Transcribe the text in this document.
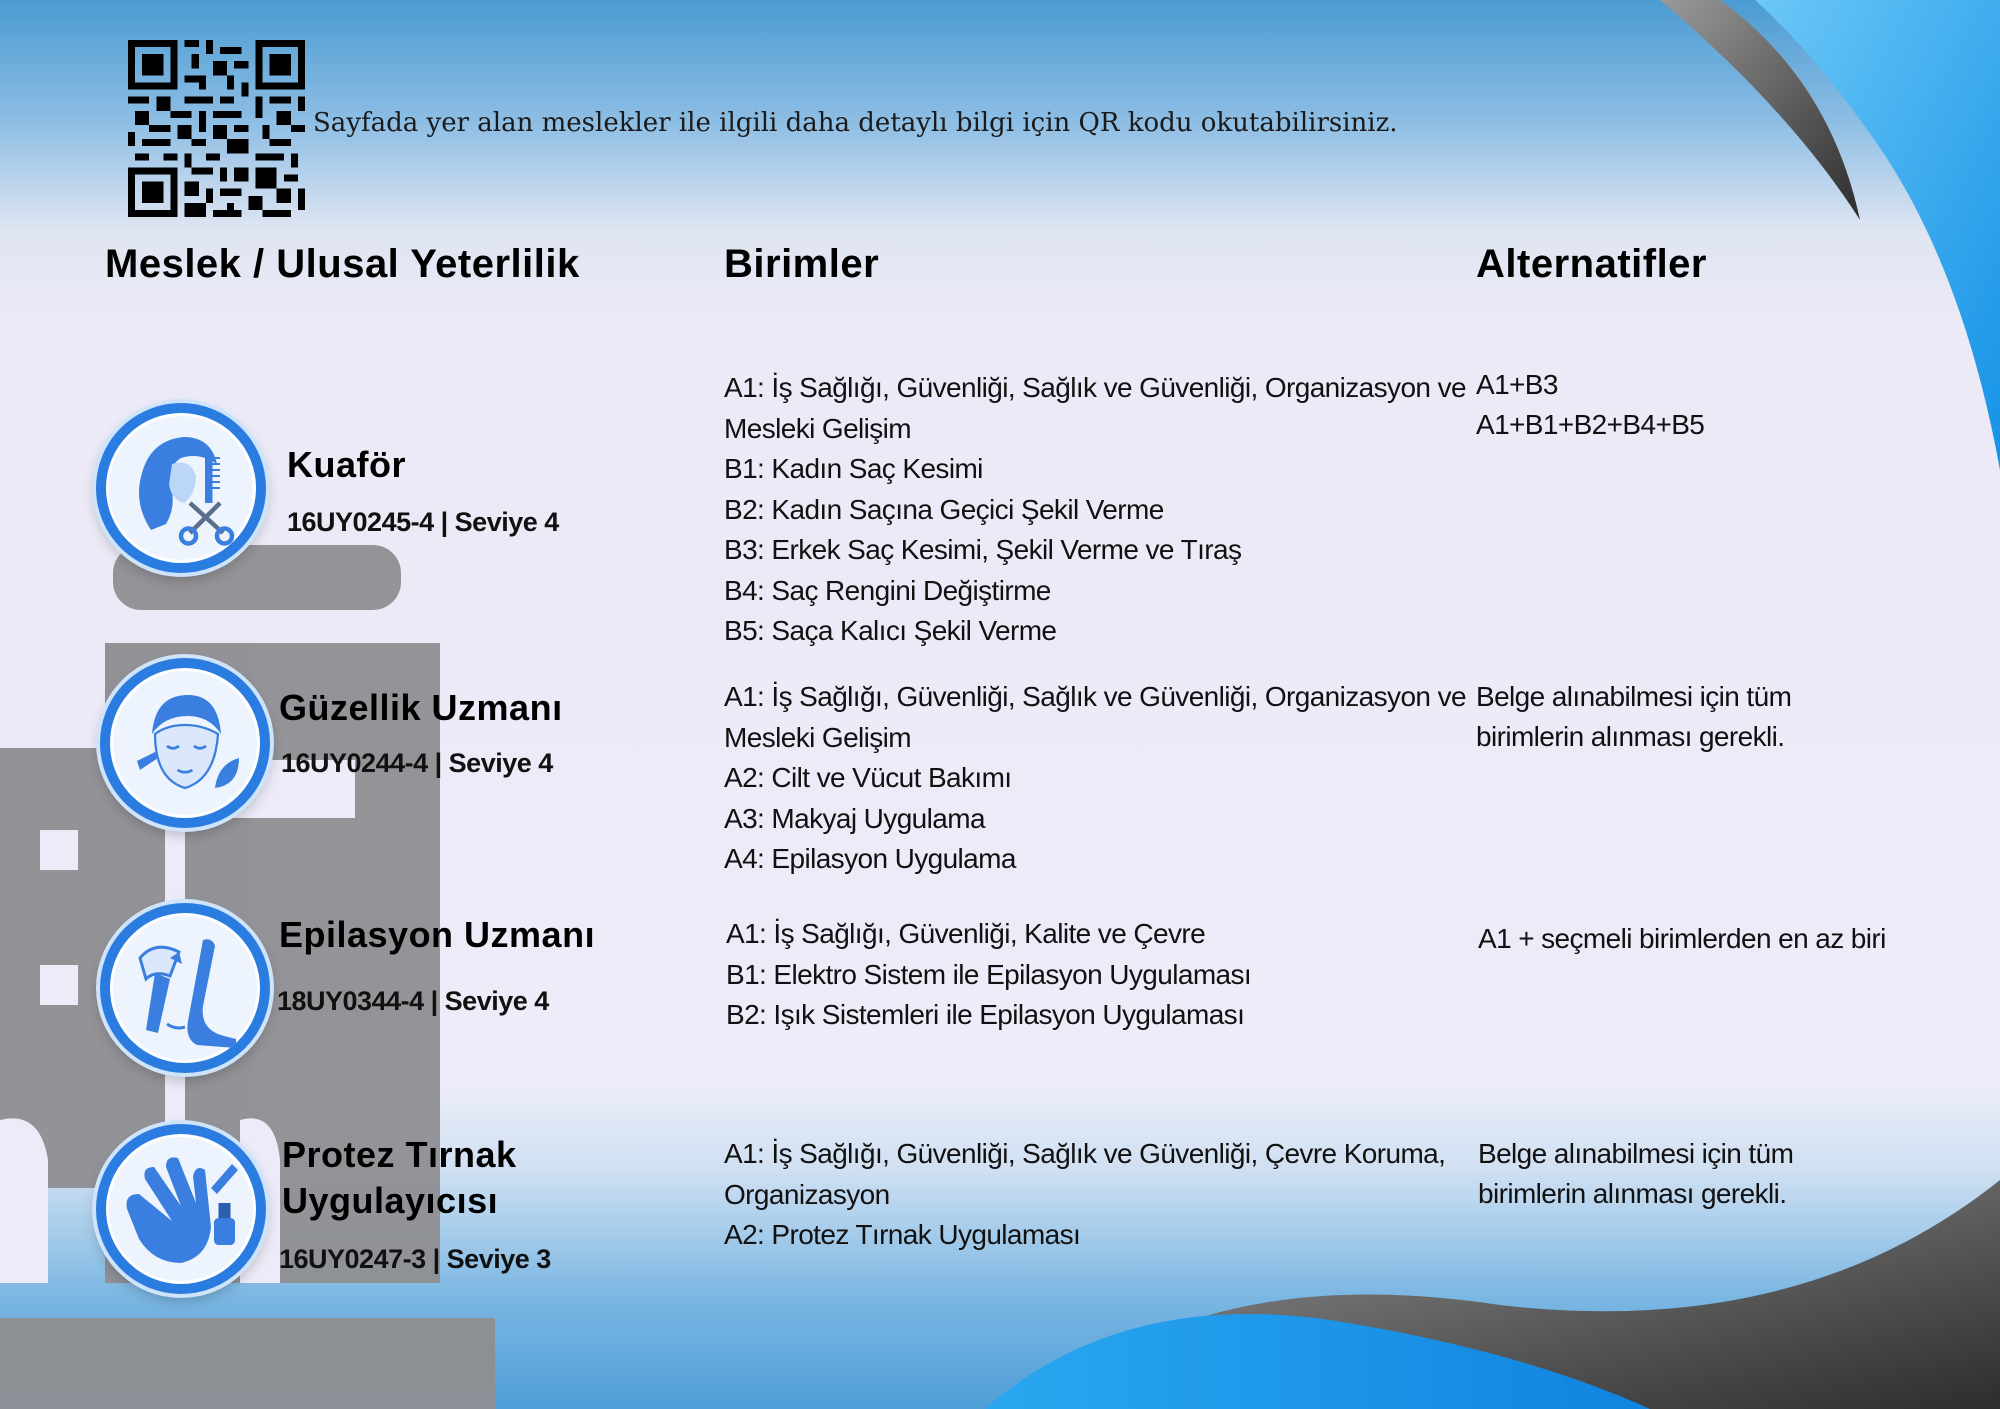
Sayfada yer alan meslekler ile ilgili daha detaylı bilgi için QR kodu okutabilirsiniz.
Meslek / Ulusal Yeterlilik	Birimler	Alternatifler
Kuaför
16UY0245-4 | Seviye 4
A1: İş Sağlığı, Güvenliği, Sağlık ve Güvenliği, Organizasyon ve
Mesleki Gelişim
B1: Kadın Saç Kesimi
B2: Kadın Saçına Geçici Şekil Verme
B3: Erkek Saç Kesimi, Şekil Verme ve Tıraş
B4: Saç Rengini Değiştirme
B5: Saça Kalıcı Şekil Verme
A1+B3
A1+B1+B2+B4+B5
Güzellik Uzmanı
16UY0244-4 | Seviye 4
A1: İş Sağlığı, Güvenliği, Sağlık ve Güvenliği, Organizasyon ve
Mesleki Gelişim
A2: Cilt ve Vücut Bakımı
A3: Makyaj Uygulama
A4: Epilasyon Uygulama
Belge alınabilmesi için tüm
birimlerin alınması gerekli.
Epilasyon Uzmanı
18UY0344-4 | Seviye 4
A1: İş Sağlığı, Güvenliği, Kalite ve Çevre
B1: Elektro Sistem ile Epilasyon Uygulaması
B2: Işık Sistemleri ile Epilasyon Uygulaması
A1 + seçmeli birimlerden en az biri
Protez Tırnak
Uygulayıcısı
16UY0247-3 | Seviye 3
A1: İş Sağlığı, Güvenliği, Sağlık ve Güvenliği, Çevre Koruma,
Organizasyon
A2: Protez Tırnak Uygulaması
Belge alınabilmesi için tüm
birimlerin alınması gerekli.
